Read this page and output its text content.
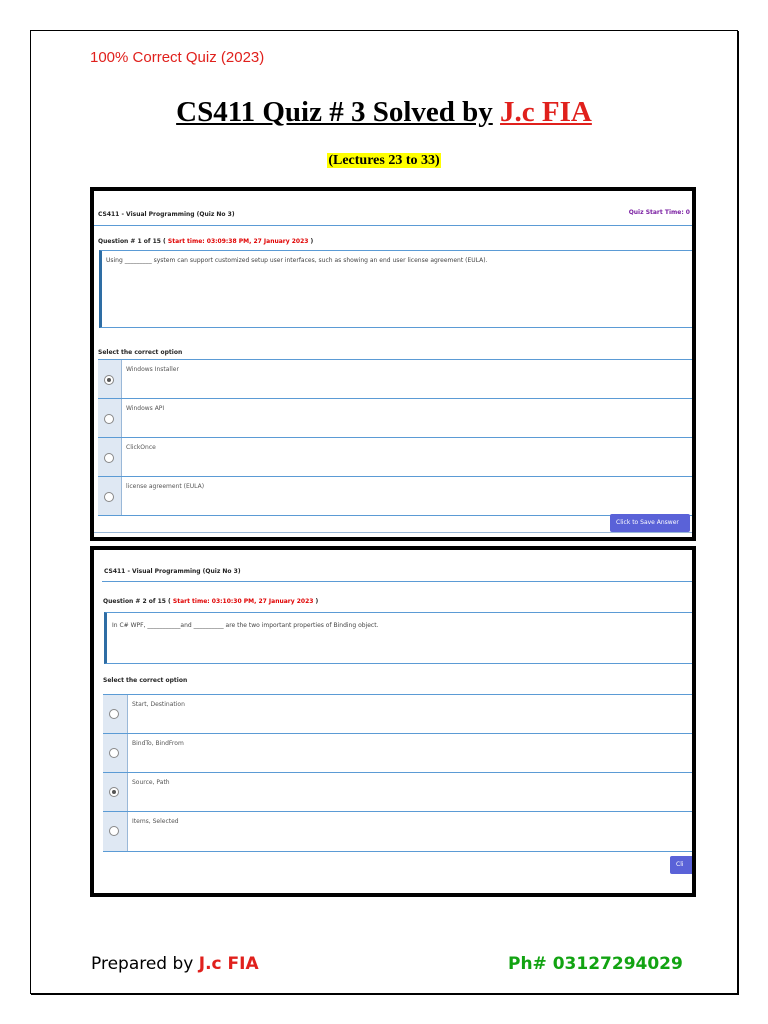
100% Correct Quiz (2023)
CS411 Quiz # 3 Solved by J.c FIA
(Lectures 23 to 33)
CS411 - Visual Programming (Quiz No 3)	Quiz Start Time: 0
Question # 1 of 15 ( Start time: 03:09:38 PM, 27 January 2023 )
Using _________ system can support customized setup user interfaces, such as showing an end user license agreement (EULA).
Select the correct option
Windows Installer
Windows API
ClickOnce
license agreement (EULA)
Click to Save Answer
CS411 - Visual Programming (Quiz No 3)
Question # 2 of 15 ( Start time: 03:10:30 PM, 27 January 2023 )
In C# WPF, ___________and __________ are the two important properties of Binding object.
Select the correct option
Start, Destination
BindTo, BindFrom
Source, Path
Items, Selected
Cli
Prepared by J.c FIA	Ph# 03127294029
